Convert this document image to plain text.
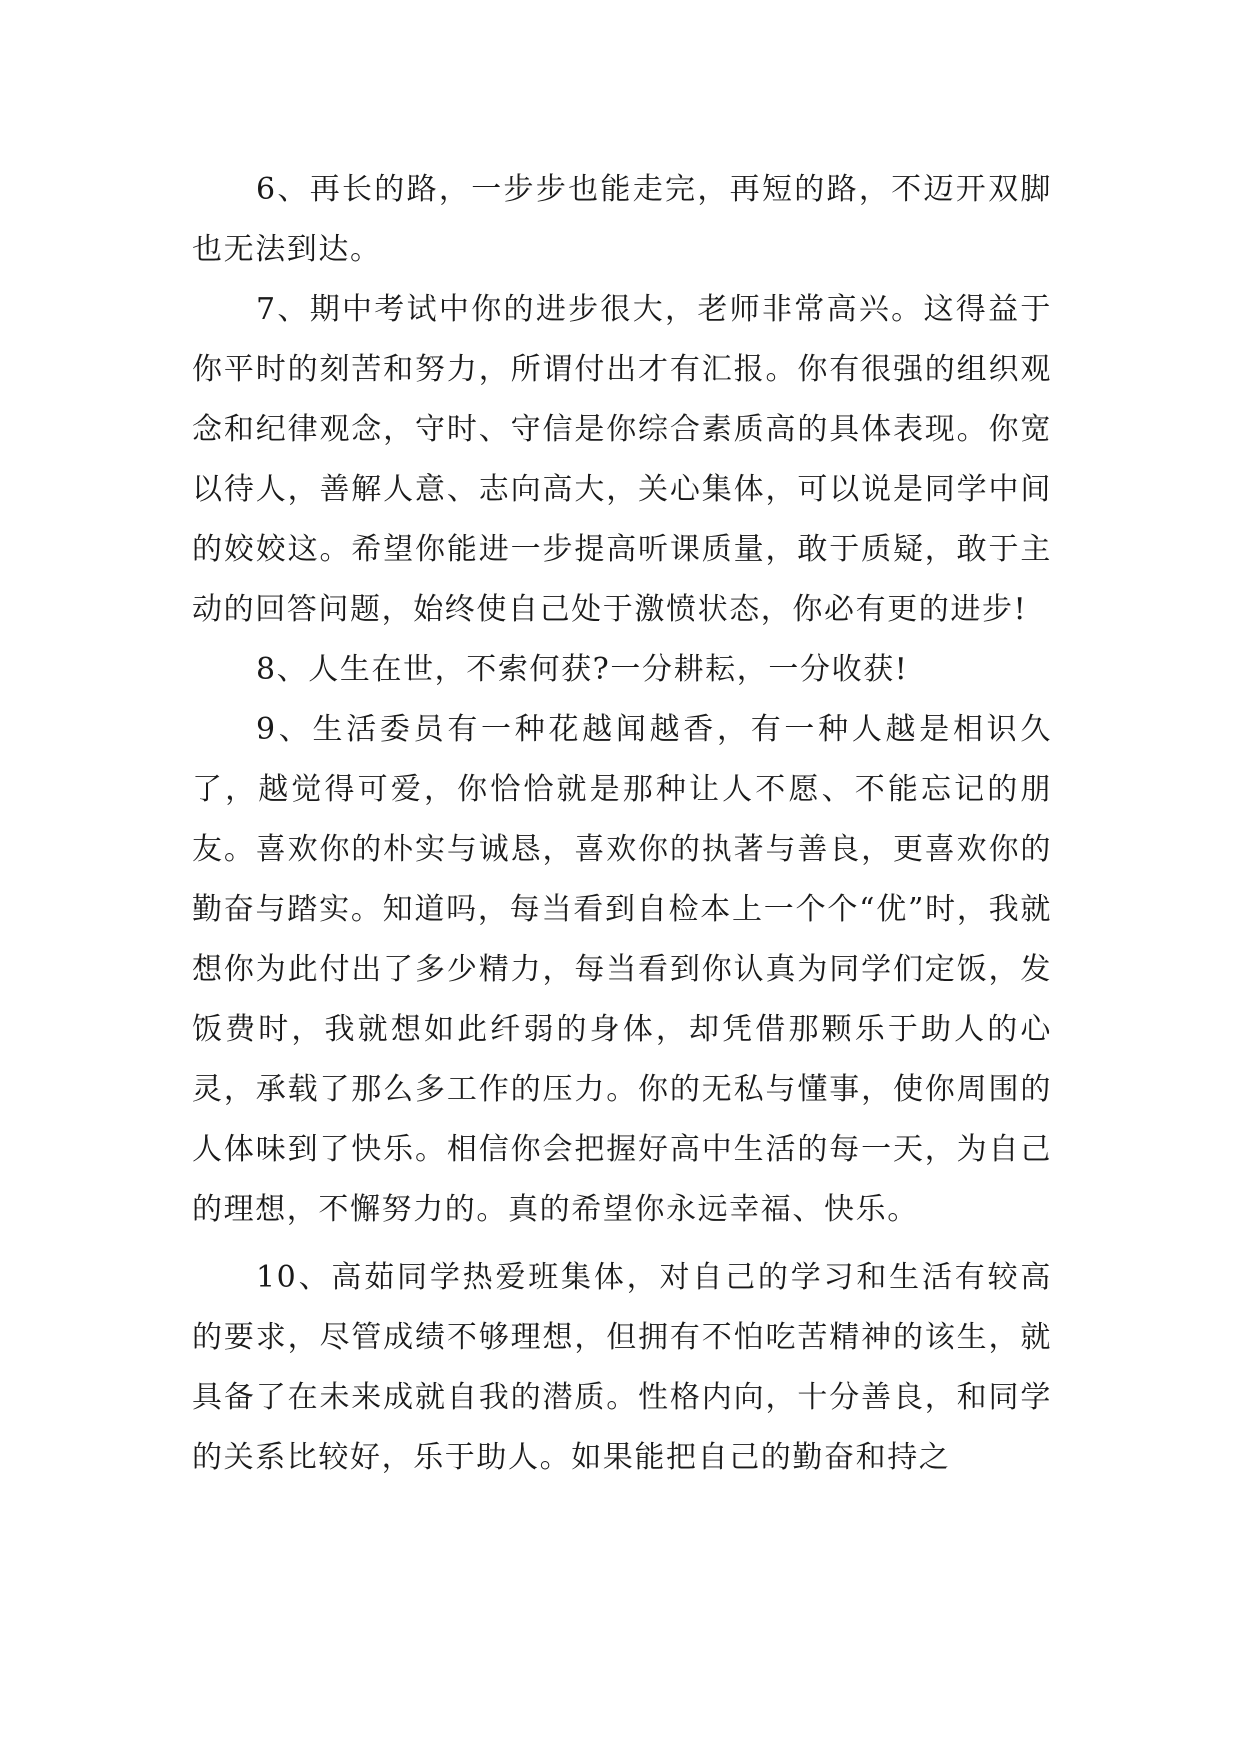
6、再长的路，一步步也能走完，再短的路，不迈开双脚也无法到达。

7、期中考试中你的进步很大，老师非常高兴。这得益于你平时的刻苦和努力，所谓付出才有汇报。你有很强的组织观念和纪律观念，守时、守信是你综合素质高的具体表现。你宽以待人，善解人意、志向高大，关心集体，可以说是同学中间的姣姣这。希望你能进一步提高听课质量，敢于质疑，敢于主动的回答问题，始终使自己处于激愤状态，你必有更的进步!

8、人生在世，不索何获?一分耕耘，一分收获!

9、生活委员有一种花越闻越香，有一种人越是相识久了，越觉得可爱，你恰恰就是那种让人不愿、不能忘记的朋友。喜欢你的朴实与诚恳，喜欢你的执著与善良，更喜欢你的勤奋与踏实。知道吗，每当看到自检本上一个个“优”时，我就想你为此付出了多少精力，每当看到你认真为同学们定饭，发饭费时，我就想如此纤弱的身体，却凭借那颗乐于助人的心灵，承载了那么多工作的压力。你的无私与懂事，使你周围的人体味到了快乐。相信你会把握好高中生活的每一天，为自己的理想，不懈努力的。真的希望你永远幸福、快乐。

10、高茹同学热爱班集体，对自己的学习和生活有较高的要求，尽管成绩不够理想，但拥有不怕吃苦精神的该生，就具备了在未来成就自我的潜质。性格内向，十分善良，和同学的关系比较好，乐于助人。如果能把自己的勤奋和持之
